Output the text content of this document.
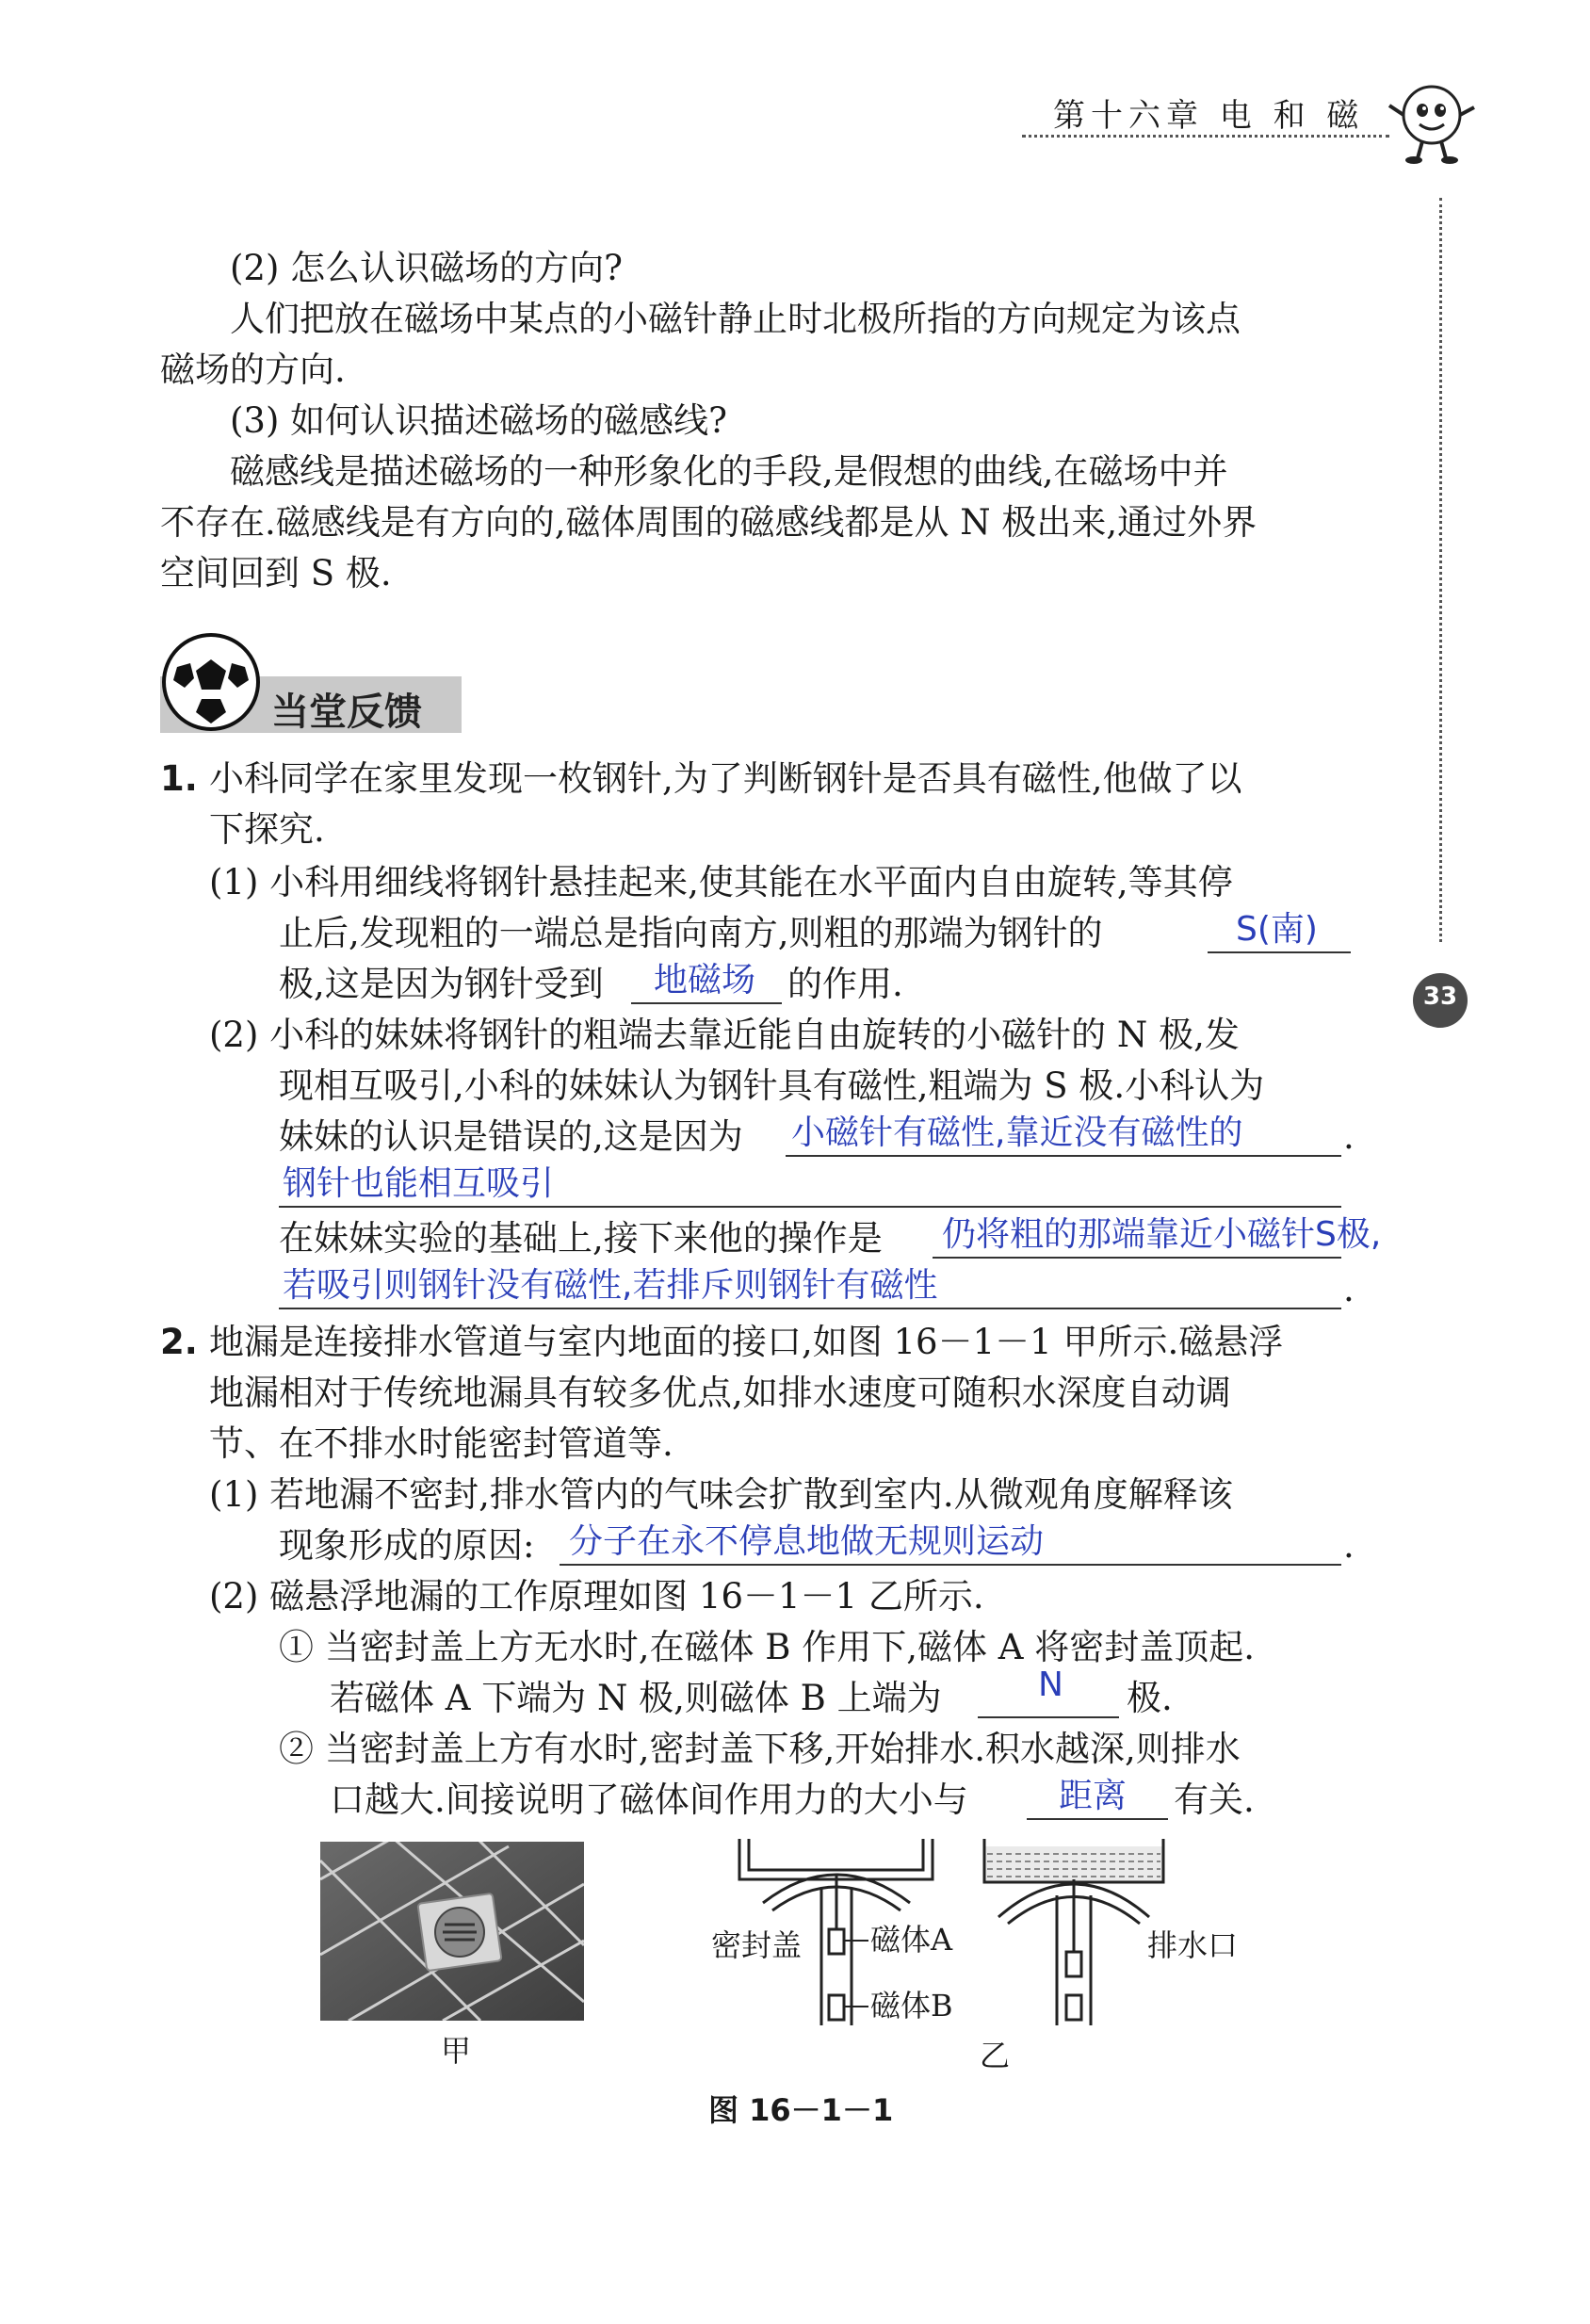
第十六章 电 和 磁
33
(2) 怎么认识磁场的方向?
人们把放在磁场中某点的小磁针静止时北极所指的方向规定为该点
磁场的方向.
(3) 如何认识描述磁场的磁感线?
磁感线是描述磁场的一种形象化的手段,是假想的曲线,在磁场中并
不存在.磁感线是有方向的,磁体周围的磁感线都是从 N 极出来,通过外界
空间回到 S 极.
当堂反馈
1. 小科同学在家里发现一枚钢针,为了判断钢针是否具有磁性,他做了以
下探究.
(1) 小科用细线将钢针悬挂起来,使其能在水平面内自由旋转,等其停
止后,发现粗的一端总是指向南方,则粗的那端为钢针的	S(南)
极,这是因为钢针受到 地磁场 的作用.
(2) 小科的妹妹将钢针的粗端去靠近能自由旋转的小磁针的 N 极,发
现相互吸引,小科的妹妹认为钢针具有磁性,粗端为 S 极.小科认为
妹妹的认识是错误的,这是因为 小磁针有磁性,靠近没有磁性的	.
钢针也能相互吸引
在妹妹实验的基础上,接下来他的操作是 仍将粗的那端靠近小磁针S极,
若吸引则钢针没有磁性,若排斥则钢针有磁性	.
2. 地漏是连接排水管道与室内地面的接口,如图 16－1－1 甲所示.磁悬浮
地漏相对于传统地漏具有较多优点,如排水速度可随积水深度自动调
节、在不排水时能密封管道等.
(1) 若地漏不密封,排水管内的气味会扩散到室内.从微观角度解释该
现象形成的原因: 分子在永不停息地做无规则运动	.
(2) 磁悬浮地漏的工作原理如图 16－1－1 乙所示.
① 当密封盖上方无水时,在磁体 B 作用下,磁体 A 将密封盖顶起.
若磁体 A 下端为 N 极,则磁体 B 上端为	N 极.
② 当密封盖上方有水时,密封盖下移,开始排水.积水越深,则排水
口越大.间接说明了磁体间作用力的大小与	距离 有关.
甲
密封盖 磁体A
磁体B
排水口
乙
图 16－1－1
